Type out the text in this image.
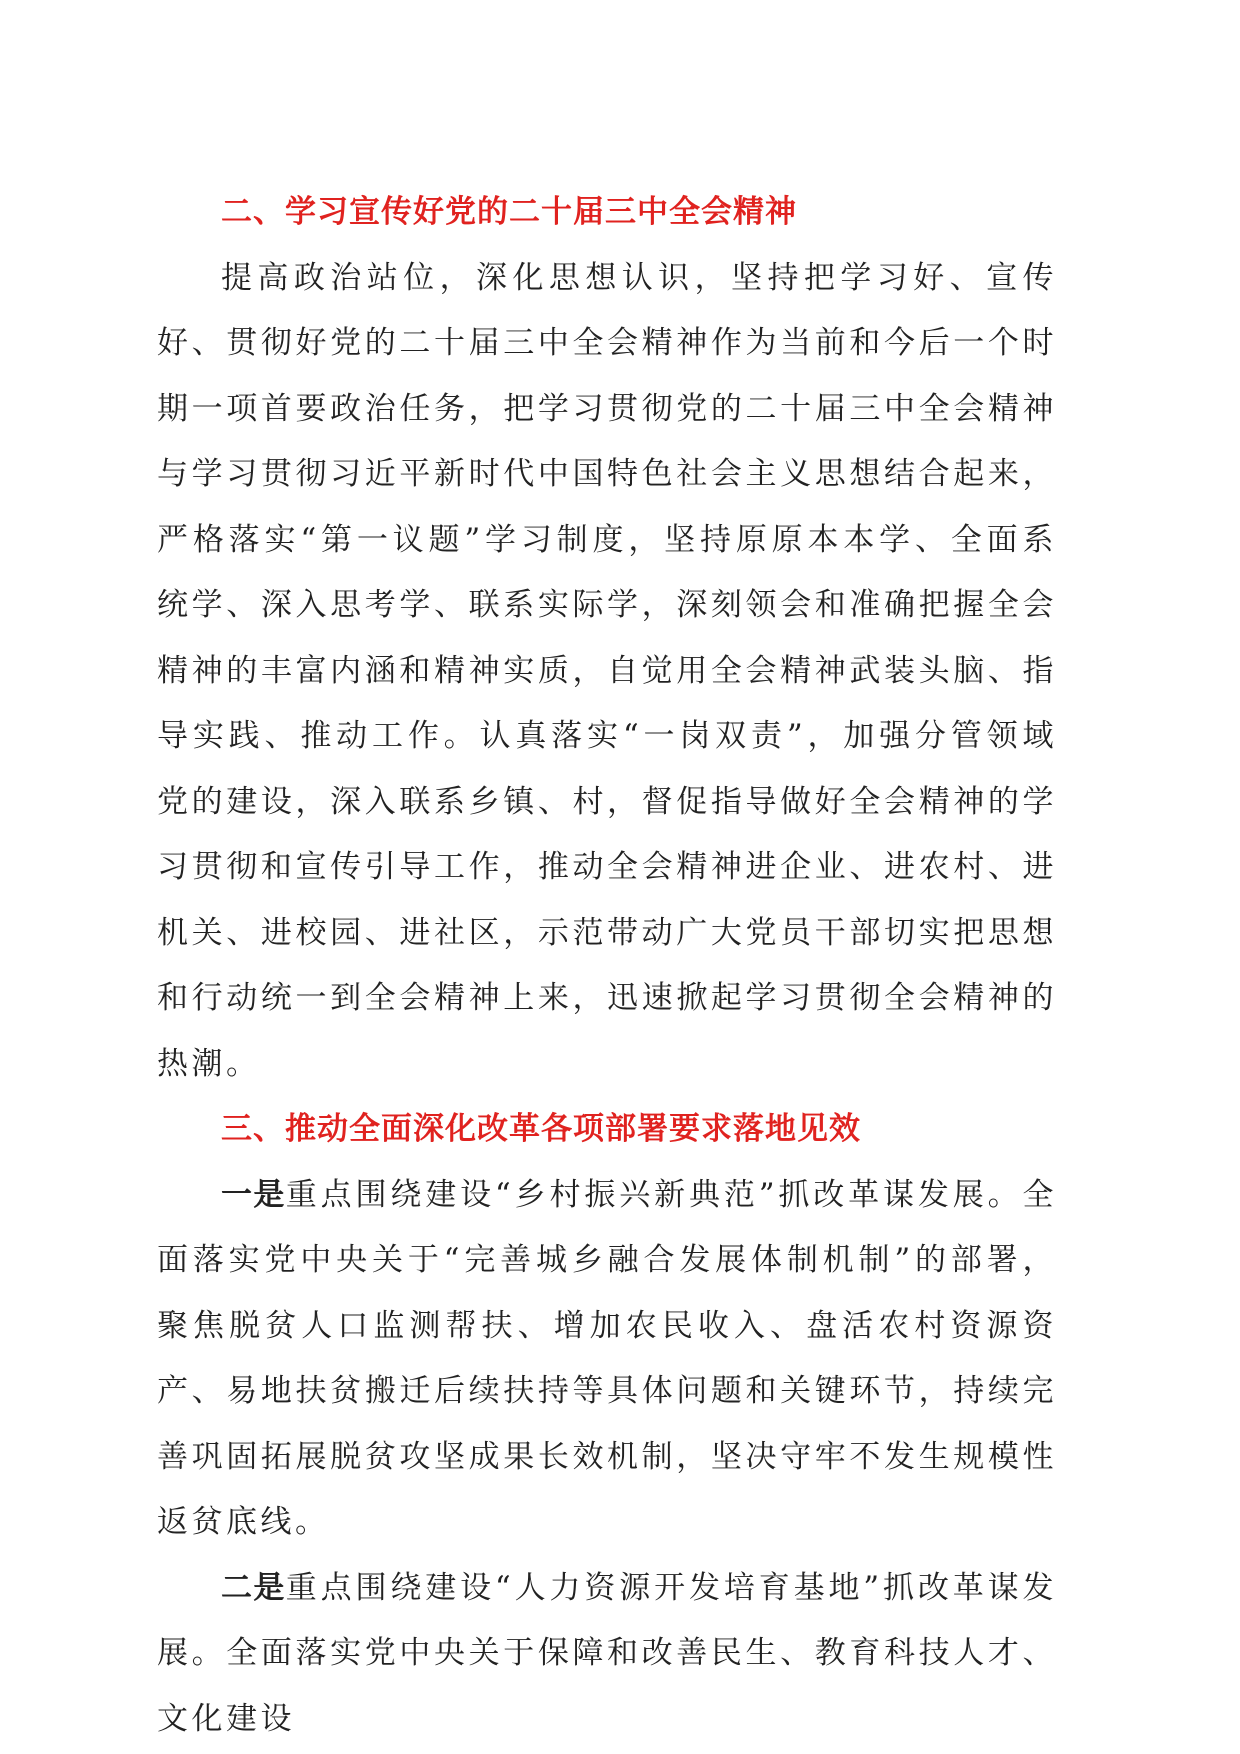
二、学习宣传好党的二十届三中全会精神

提高政治站位，深化思想认识，坚持把学习好、宣传好、贯彻好党的二十届三中全会精神作为当前和今后一个时期一项首要政治任务，把学习贯彻党的二十届三中全会精神与学习贯彻习近平新时代中国特色社会主义思想结合起来，严格落实“第一议题”学习制度，坚持原原本本学、全面系统学、深入思考学、联系实际学，深刻领会和准确把握全会精神的丰富内涵和精神实质，自觉用全会精神武装头脑、指导实践、推动工作。认真落实“一岗双责”，加强分管领域党的建设，深入联系乡镇、村，督促指导做好全会精神的学习贯彻和宣传引导工作，推动全会精神进企业、进农村、进机关、进校园、进社区，示范带动广大党员干部切实把思想和行动统一到全会精神上来，迅速掀起学习贯彻全会精神的热潮。

三、推动全面深化改革各项部署要求落地见效

一是重点围绕建设“乡村振兴新典范”抓改革谋发展。全面落实党中央关于“完善城乡融合发展体制机制”的部署，聚焦脱贫人口监测帮扶、增加农民收入、盘活农村资源资产、易地扶贫搬迁后续扶持等具体问题和关键环节，持续完善巩固拓展脱贫攻坚成果长效机制，坚决守牢不发生规模性返贫底线。

二是重点围绕建设“人力资源开发培育基地”抓改革谋发展。全面落实党中央关于保障和改善民生、教育科技人才、文化建设
